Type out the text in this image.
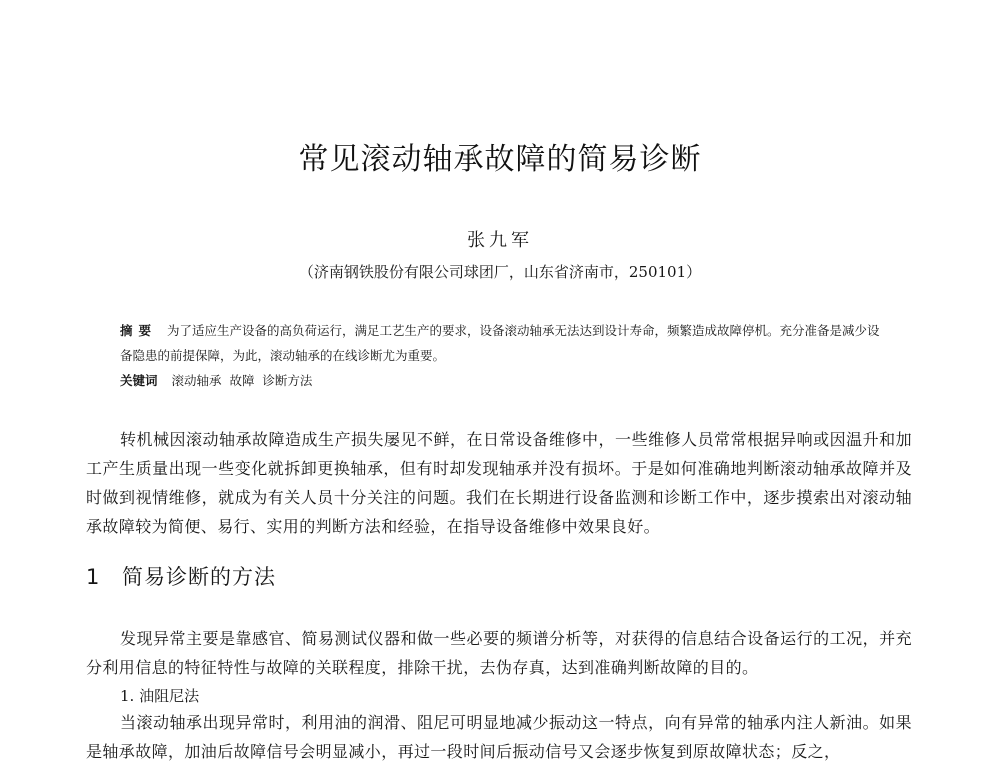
常见滚动轴承故障的简易诊断
张九军
（济南钢铁股份有限公司球团厂，山东省济南市，250101）
摘要 为了适应生产设备的高负荷运行，满足工艺生产的要求，设备滚动轴承无法达到设计寿命，频繁造成故障停机。充分准备是减少设备隐患的前提保障，为此，滚动轴承的在线诊断尤为重要。
关键词 滚动轴承  故障  诊断方法
转机械因滚动轴承故障造成生产损失屡见不鲜，在日常设备维修中，一些维修人员常常根据异响或因温升和加工产生质量出现一些变化就拆卸更换轴承，但有时却发现轴承并没有损坏。于是如何准确地判断滚动轴承故障并及时做到视情维修，就成为有关人员十分关注的问题。我们在长期进行设备监测和诊断工作中，逐步摸索出对滚动轴承故障较为简便、易行、实用的判断方法和经验，在指导设备维修中效果良好。
1 简易诊断的方法
发现异常主要是靠感官、简易测试仪器和做一些必要的频谱分析等，对获得的信息结合设备运行的工况，并充分利用信息的特征特性与故障的关联程度，排除干扰，去伪存真，达到准确判断故障的目的。
1. 油阻尼法
当滚动轴承出现异常时，利用油的润滑、阻尼可明显地减少振动这一特点，向有异常的轴承内注人新油。如果是轴承故障，加油后故障信号会明显减小，再过一段时间后振动信号又会逐步恢复到原故障状态；反之，
